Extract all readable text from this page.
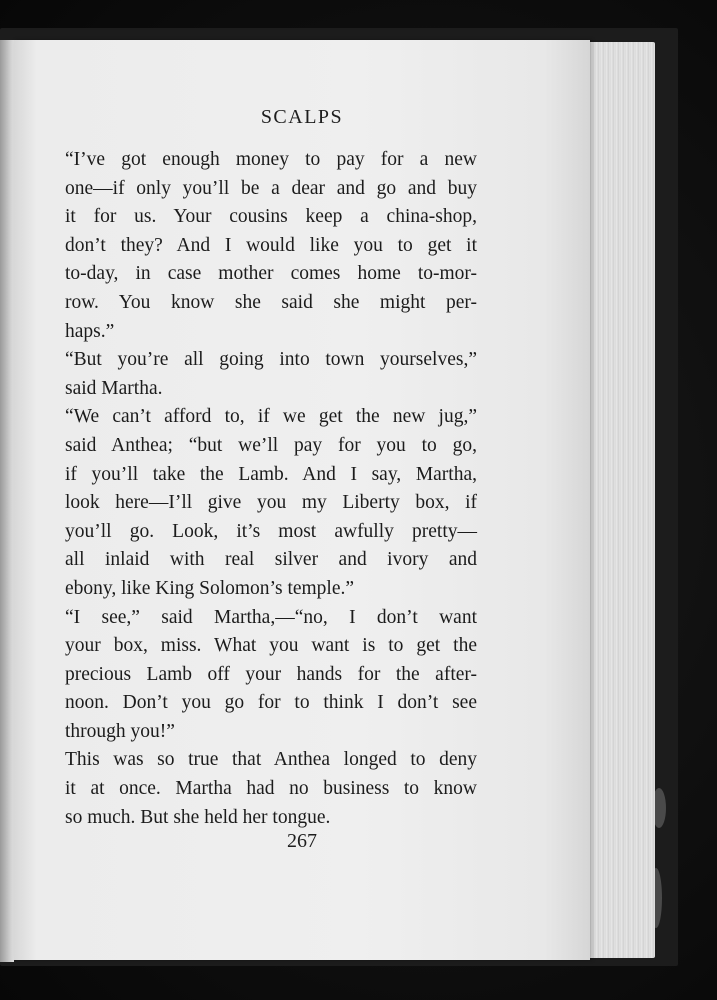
SCALPS
“I’ve got enough money to pay for a new
one—if only you’ll be a dear and go and buy
it for us. Your cousins keep a china-shop,
don’t they? And I would like you to get it
to-day, in case mother comes home to-mor-
row. You know she said she might per-
haps.”
“But you’re all going into town yourselves,”
said Martha.
“We can’t afford to, if we get the new jug,”
said Anthea; “but we’ll pay for you to go,
if you’ll take the Lamb. And I say, Martha,
look here—I’ll give you my Liberty box, if
you’ll go. Look, it’s most awfully pretty—
all inlaid with real silver and ivory and
ebony, like King Solomon’s temple.”
“I see,” said Martha,—“no, I don’t want
your box, miss. What you want is to get the
precious Lamb off your hands for the after-
noon. Don’t you go for to think I don’t see
through you!”
This was so true that Anthea longed to deny
it at once. Martha had no business to know
so much. But she held her tongue.
267
